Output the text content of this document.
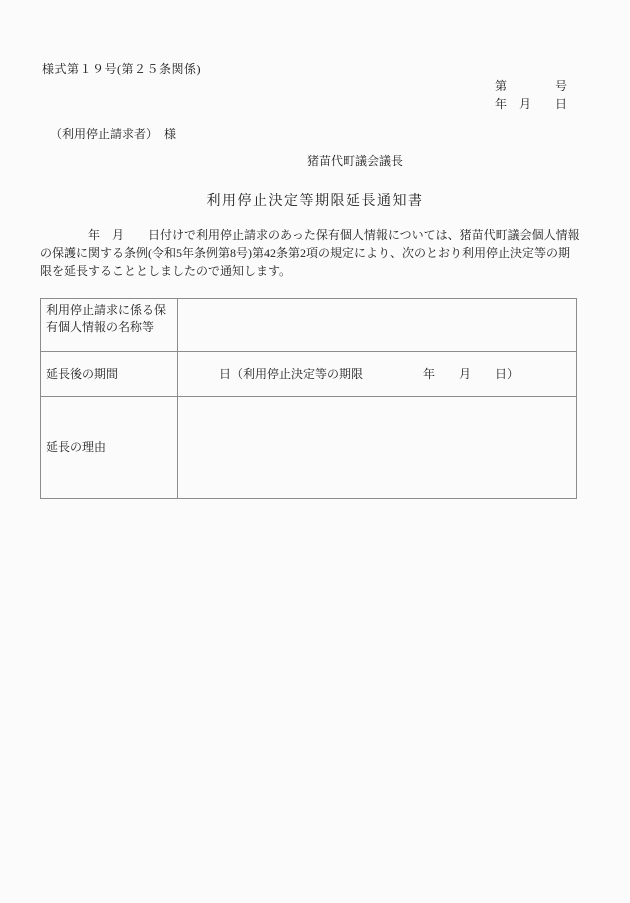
様式第１９号(第２５条関係)
第　　　　号
年　月　　日
（利用停止請求者）　様
猪苗代町議会議長
利用停止決定等期限延長通知書
　　　　年　月　　日付けで利用停止請求のあった保有個人情報については、猪苗代町議会個人情報
の保護に関する条例(令和5年条例第8号)第42条第2項の規定により、次のとおり利用停止決定等の期
限を延長することとしましたので通知します。
利用停止請求に係る保有個人情報の名称等	
延長後の期間	　　　日（利用停止決定等の期限　　　　　年　　月　　日）
延長の理由	
